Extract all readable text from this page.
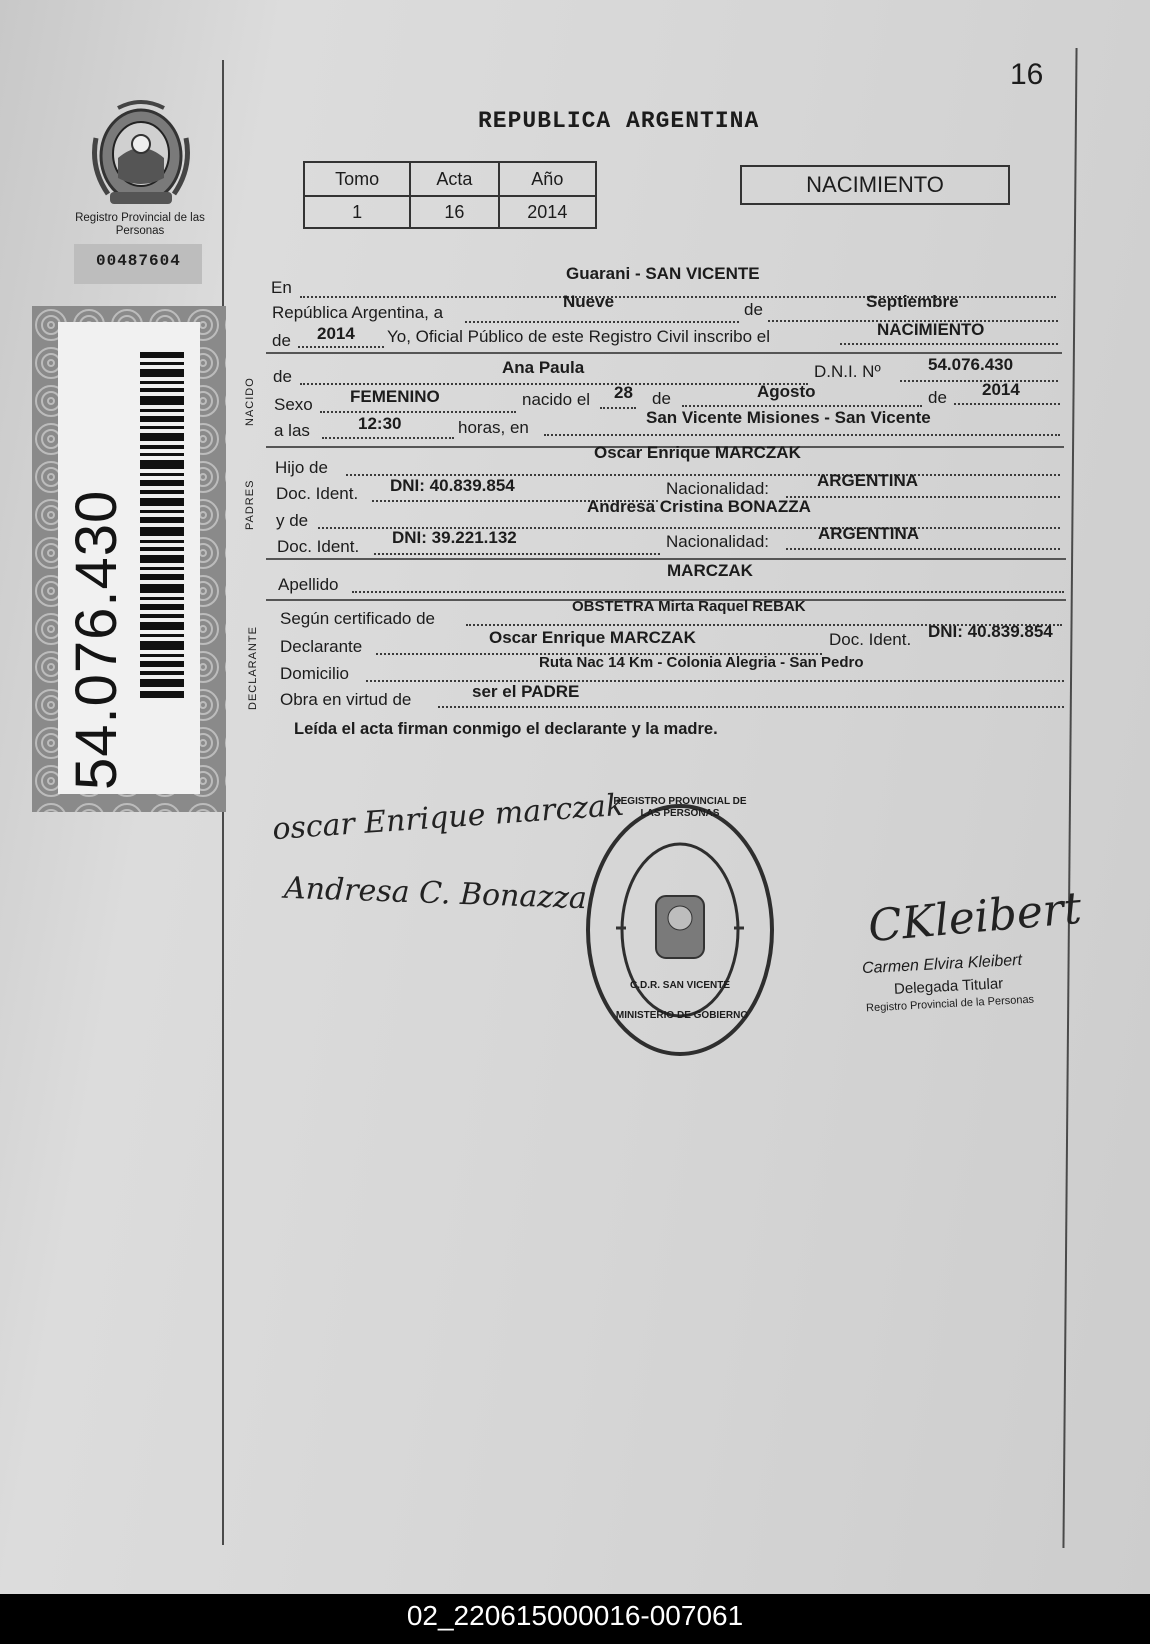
16
REPUBLICA ARGENTINA
Registro Provincial de las Personas
00487604
54.076.430
Tomo	Acta	Año
1	16	2014
NACIMIENTO
En
Guarani - SAN VICENTE
República Argentina, a
Nueve	de	Septiembre
de 2014 Yo, Oficial Público de este Registro Civil inscribo el	NACIMIENTO
NACIDO
de	Ana Paula	D.N.I. Nº	54.076.430
Sexo FEMENINO	nacido el 28 de	Agosto	de 2014
a las	12:30	horas, en
San Vicente Misiones - San Vicente
PADRES
Hijo de
Oscar Enrique MARCZAK
Doc. Ident. DNI: 40.839.854	Nacionalidad:	ARGENTINA
y de
Andresa Cristina BONAZZA
Doc. Ident. DNI: 39.221.132	Nacionalidad:	ARGENTINA
Apellido
MARCZAK
DECLARANTE
Según certificado de
OBSTETRA Mirta Raquel REBAK
Declarante	Oscar Enrique MARCZAK	Doc. Ident. DNI: 40.839.854
Domicilio
Ruta Nac 14 Km - Colonia Alegria - San Pedro
Obra en virtud de	ser el PADRE
Leída el acta firman conmigo el declarante y la madre.
oscar Enrique marczak
Andresa C. Bonazza	CKleibert
REGISTRO PROVINCIAL DE LAS PERSONAS
C.D.R. SAN VICENTE
MINISTERIO DE GOBIERNO
Carmen Elvira Kleibert
Delegada Titular
Registro Provincial de la Personas
02_220615000016-007061
